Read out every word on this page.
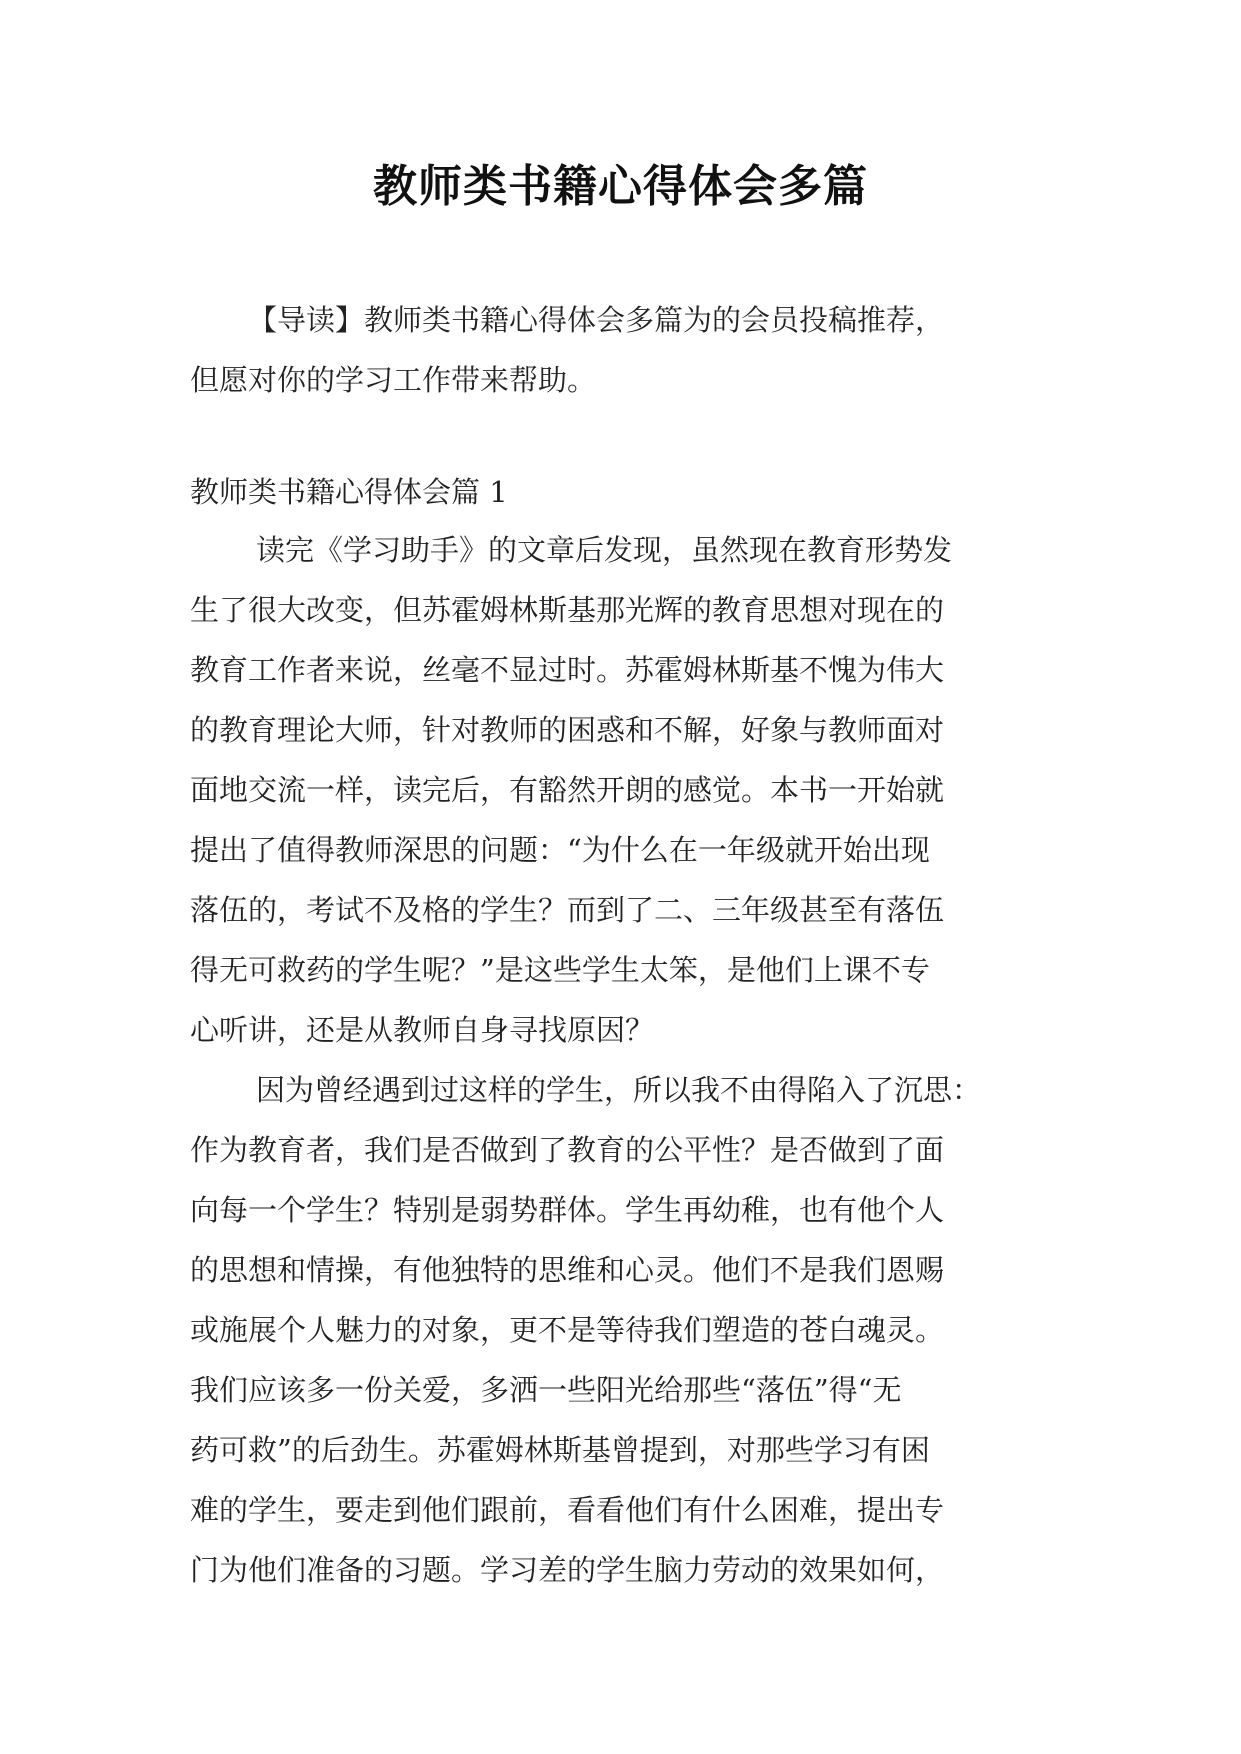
教师类书籍心得体会多篇

【导读】教师类书籍心得体会多篇为的会员投稿推荐，
但愿对你的学习工作带来帮助。

教师类书籍心得体会篇 1

读完《学习助手》的文章后发现，虽然现在教育形势发
生了很大改变，但苏霍姆林斯基那光辉的教育思想对现在的
教育工作者来说，丝毫不显过时。苏霍姆林斯基不愧为伟大
的教育理论大师，针对教师的困惑和不解，好象与教师面对
面地交流一样，读完后，有豁然开朗的感觉。本书一开始就
提出了值得教师深思的问题：“为什么在一年级就开始出现
落伍的，考试不及格的学生？而到了二、三年级甚至有落伍
得无可救药的学生呢？”是这些学生太笨，是他们上课不专
心听讲，还是从教师自身寻找原因？
因为曾经遇到过这样的学生，所以我不由得陷入了沉思：
作为教育者，我们是否做到了教育的公平性？是否做到了面
向每一个学生？特别是弱势群体。学生再幼稚，也有他个人
的思想和情操，有他独特的思维和心灵。他们不是我们恩赐
或施展个人魅力的对象，更不是等待我们塑造的苍白魂灵。
我们应该多一份关爱，多洒一些阳光给那些“落伍”得“无
药可救”的后劲生。苏霍姆林斯基曾提到，对那些学习有困
难的学生，要走到他们跟前，看看他们有什么困难，提出专
门为他们准备的习题。学习差的学生脑力劳动的效果如何，
